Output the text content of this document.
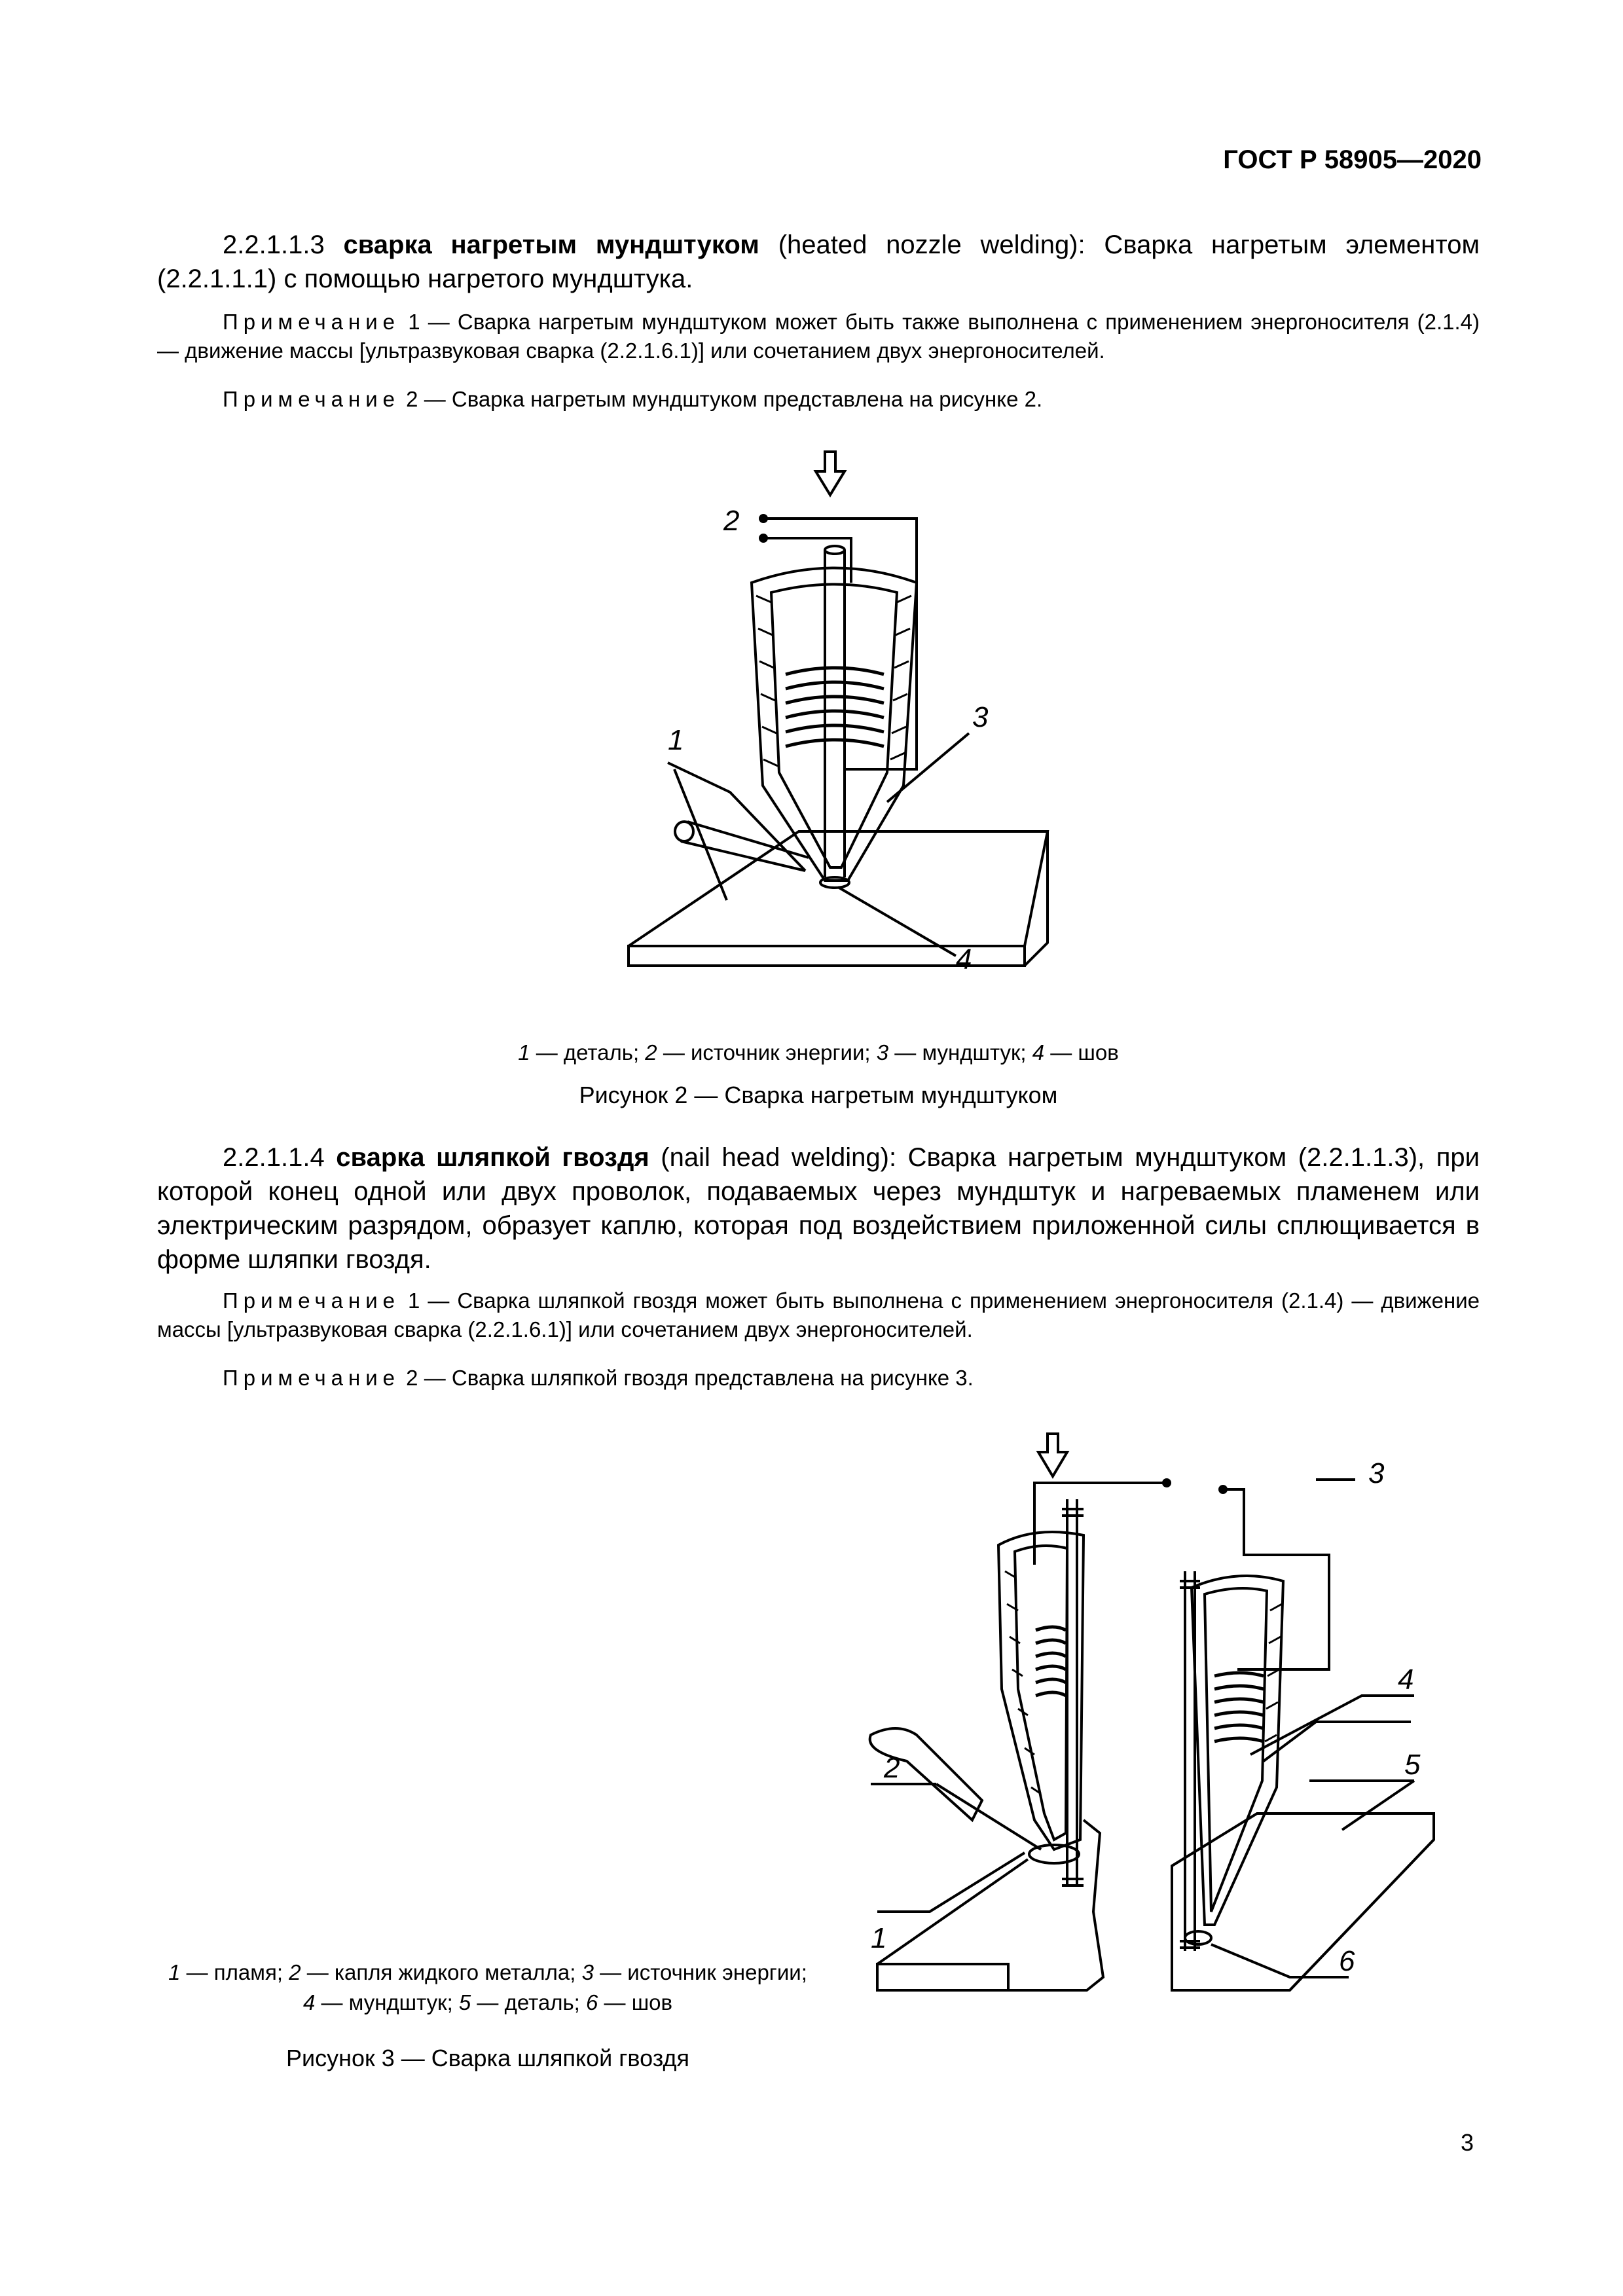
ГОСТ Р 58905—2020
2.2.1.1.3 сварка нагретым мундштуком (heated nozzle welding): Сварка нагретым элементом (2.2.1.1.1) с помощью нагретого мундштука.
Примечание 1 — Сварка нагретым мундштуком может быть также выполнена с применением энергоносителя (2.1.4) — движение массы [ультразвуковая сварка (2.2.1.6.1)] или сочетанием двух энергоносителей.
Примечание 2 — Сварка нагретым мундштуком представлена на рисунке 2.
2
1
3
4
1 — деталь; 2 — источник энергии; 3 — мундштук; 4 — шов
Рисунок 2 — Сварка нагретым мундштуком
2.2.1.1.4 сварка шляпкой гвоздя (nail head welding): Сварка нагретым мундштуком (2.2.1.1.3), при которой конец одной или двух проволок, подаваемых через мундштук и нагреваемых пламенем или электрическим разрядом, образует каплю, которая под воздействием приложенной силы сплющивается в форме шляпки гвоздя.
Примечание 1 — Сварка шляпкой гвоздя может быть выполнена с применением энергоносителя (2.1.4) — движение массы [ультразвуковая сварка (2.2.1.6.1)] или сочетанием двух энергоносителей.
Примечание 2 — Сварка шляпкой гвоздя представлена на рисунке 3.
1
2
3
4
5
6
1 — пламя; 2 — капля жидкого металла; 3 — источник энергии;
4 — мундштук; 5 — деталь; 6 — шов
Рисунок 3 — Сварка шляпкой гвоздя
3
